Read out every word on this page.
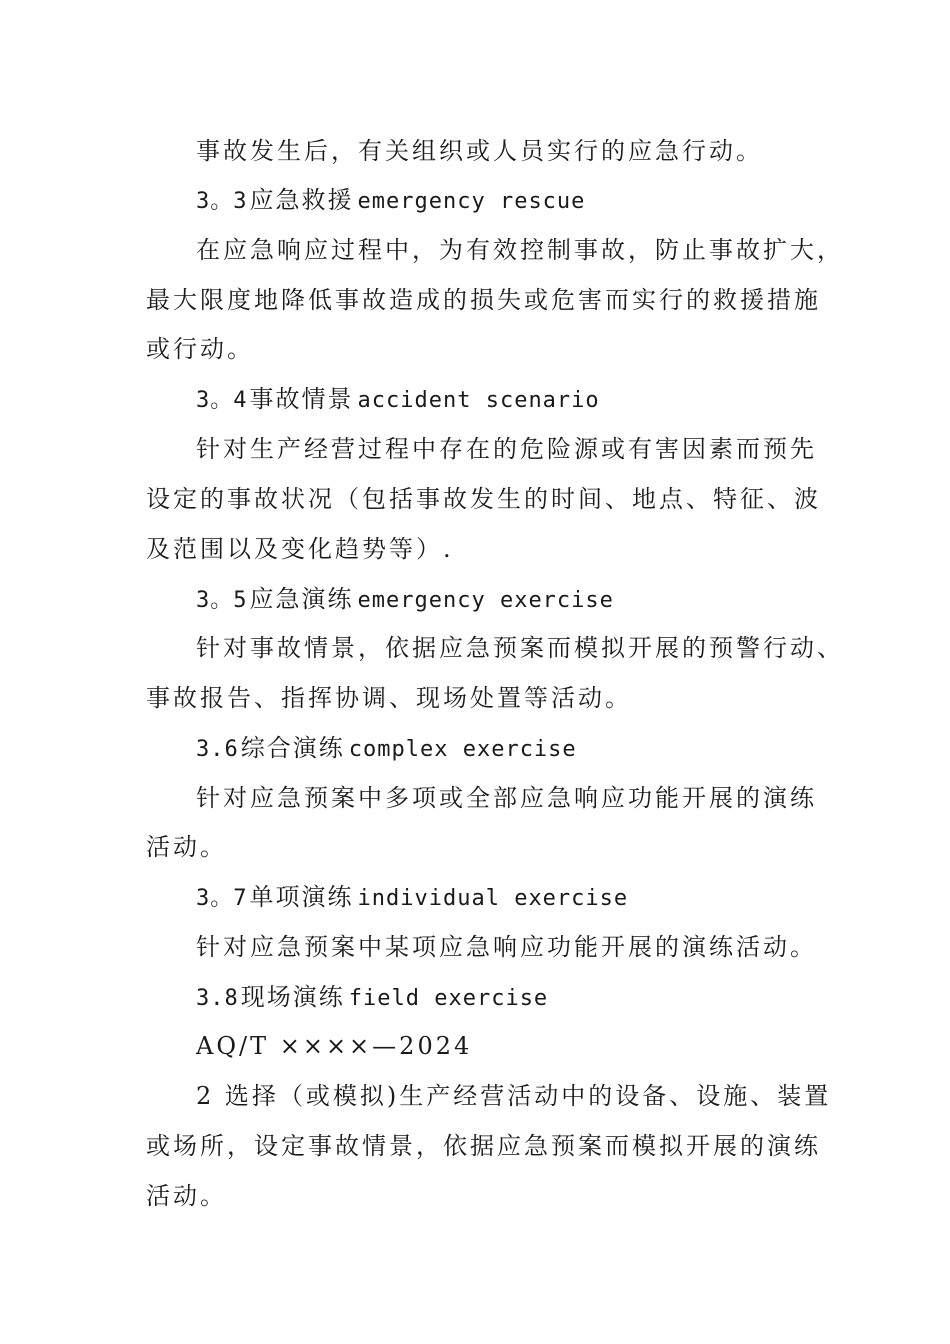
事故发生后，有关组织或人员实行的应急行动。
3。3应急救援 emergency rescue
在应急响应过程中，为有效控制事故，防止事故扩大，
最大限度地降低事故造成的损失或危害而实行的救援措施
或行动。
3。4事故情景 accident scenario
针对生产经营过程中存在的危险源或有害因素而预先
设定的事故状况（包括事故发生的时间、地点、特征、波
及范围以及变化趋势等）.
3。5应急演练 emergency exercise
针对事故情景，依据应急预案而模拟开展的预警行动、
事故报告、指挥协调、现场处置等活动。
3.6综合演练 complex exercise
针对应急预案中多项或全部应急响应功能开展的演练
活动。
3。7单项演练 individual exercise
针对应急预案中某项应急响应功能开展的演练活动。
3.8现场演练 field exercise
AQ/T ××××—2024
2 选择（或模拟)生产经营活动中的设备、设施、装置
或场所，设定事故情景，依据应急预案而模拟开展的演练
活动。
